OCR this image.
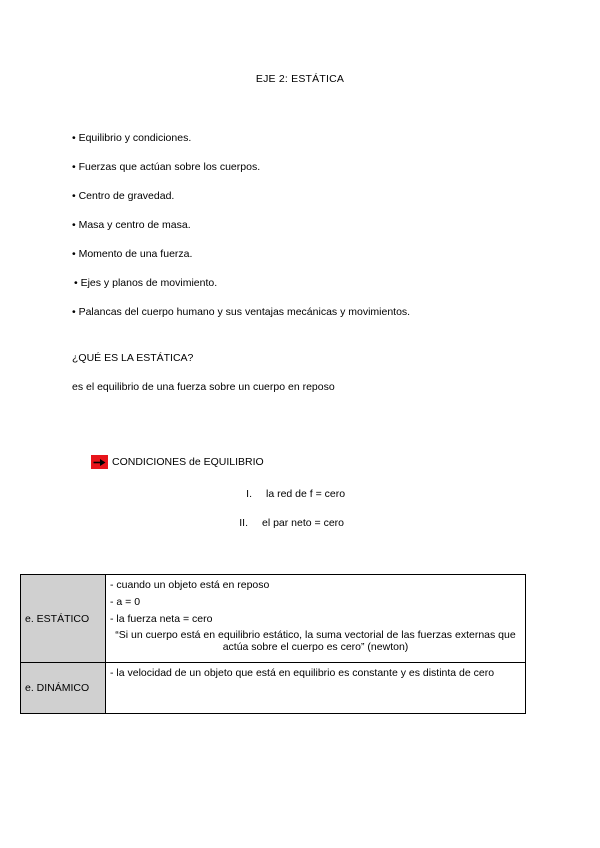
EJE 2: ESTÁTICA
• Equilibrio y condiciones.
• Fuerzas que actúan sobre los cuerpos.
• Centro de gravedad.
• Masa y centro de masa.
• Momento de una fuerza.
• Ejes y planos de movimiento.
• Palancas del cuerpo humano y sus ventajas mecánicas y movimientos.
¿QUÉ ES LA ESTÁTICA?
es el equilibrio de una fuerza sobre un cuerpo en reposo
CONDICIONES de EQUILIBRIO
I. la red de f = cero
II. el par neto = cero
e. ESTÁTICO	- cuando un objeto está en reposo
- a = 0
- la fuerza neta = cero
“Si un cuerpo está en equilibrio estático, la suma vectorial de las fuerzas externas que actúa sobre el cuerpo es cero” (newton)

e. DINÁMICO	- la velocidad de un objeto que está en equilibrio es constante y es distinta de cero
